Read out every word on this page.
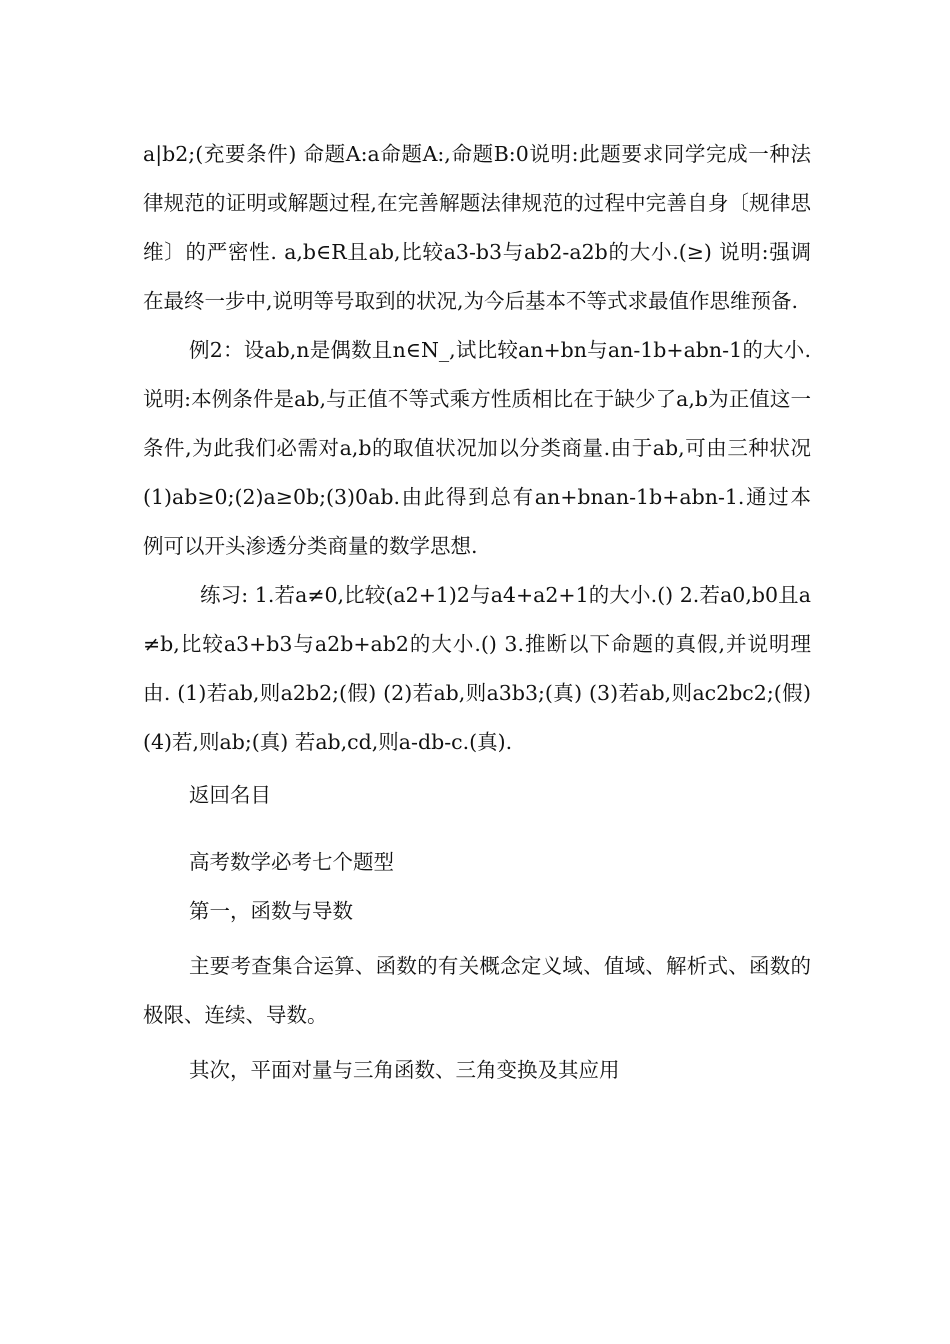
a|b2;(充要条件) 命题A:a命题A:,命题B:0说明:此题要求同学完成一种法律规范的证明或解题过程,在完善解题法律规范的过程中完善自身〔规律思维〕的严密性. a,b∈R且ab,比较a3-b3与ab2-a2b的大小.(≥) 说明:强调在最终一步中,说明等号取到的状况,为今后基本不等式求最值作思维预备.

例2：设ab,n是偶数且n∈N_,试比较an+bn与an-1b+abn-1的大小. 说明:本例条件是ab,与正值不等式乘方性质相比在于缺少了a,b为正值这一条件,为此我们必需对a,b的取值状况加以分类商量.由于ab,可由三种状况(1)ab≥0;(2)a≥0b;(3)0ab.由此得到总有an+bnan-1b+abn-1.通过本例可以开头渗透分类商量的数学思想.

练习: 1.若a≠0,比较(a2+1)2与a4+a2+1的大小.() 2.若a0,b0且a≠b,比较a3+b3与a2b+ab2的大小.() 3.推断以下命题的真假,并说明理由. (1)若ab,则a2b2;(假) (2)若ab,则a3b3;(真) (3)若ab,则ac2bc2;(假) (4)若,则ab;(真) 若ab,cd,则a-db-c.(真).

返回名目

高考数学必考七个题型

第一，函数与导数

主要考查集合运算、函数的有关概念定义域、值域、解析式、函数的极限、连续、导数。

其次，平面对量与三角函数、三角变换及其应用
